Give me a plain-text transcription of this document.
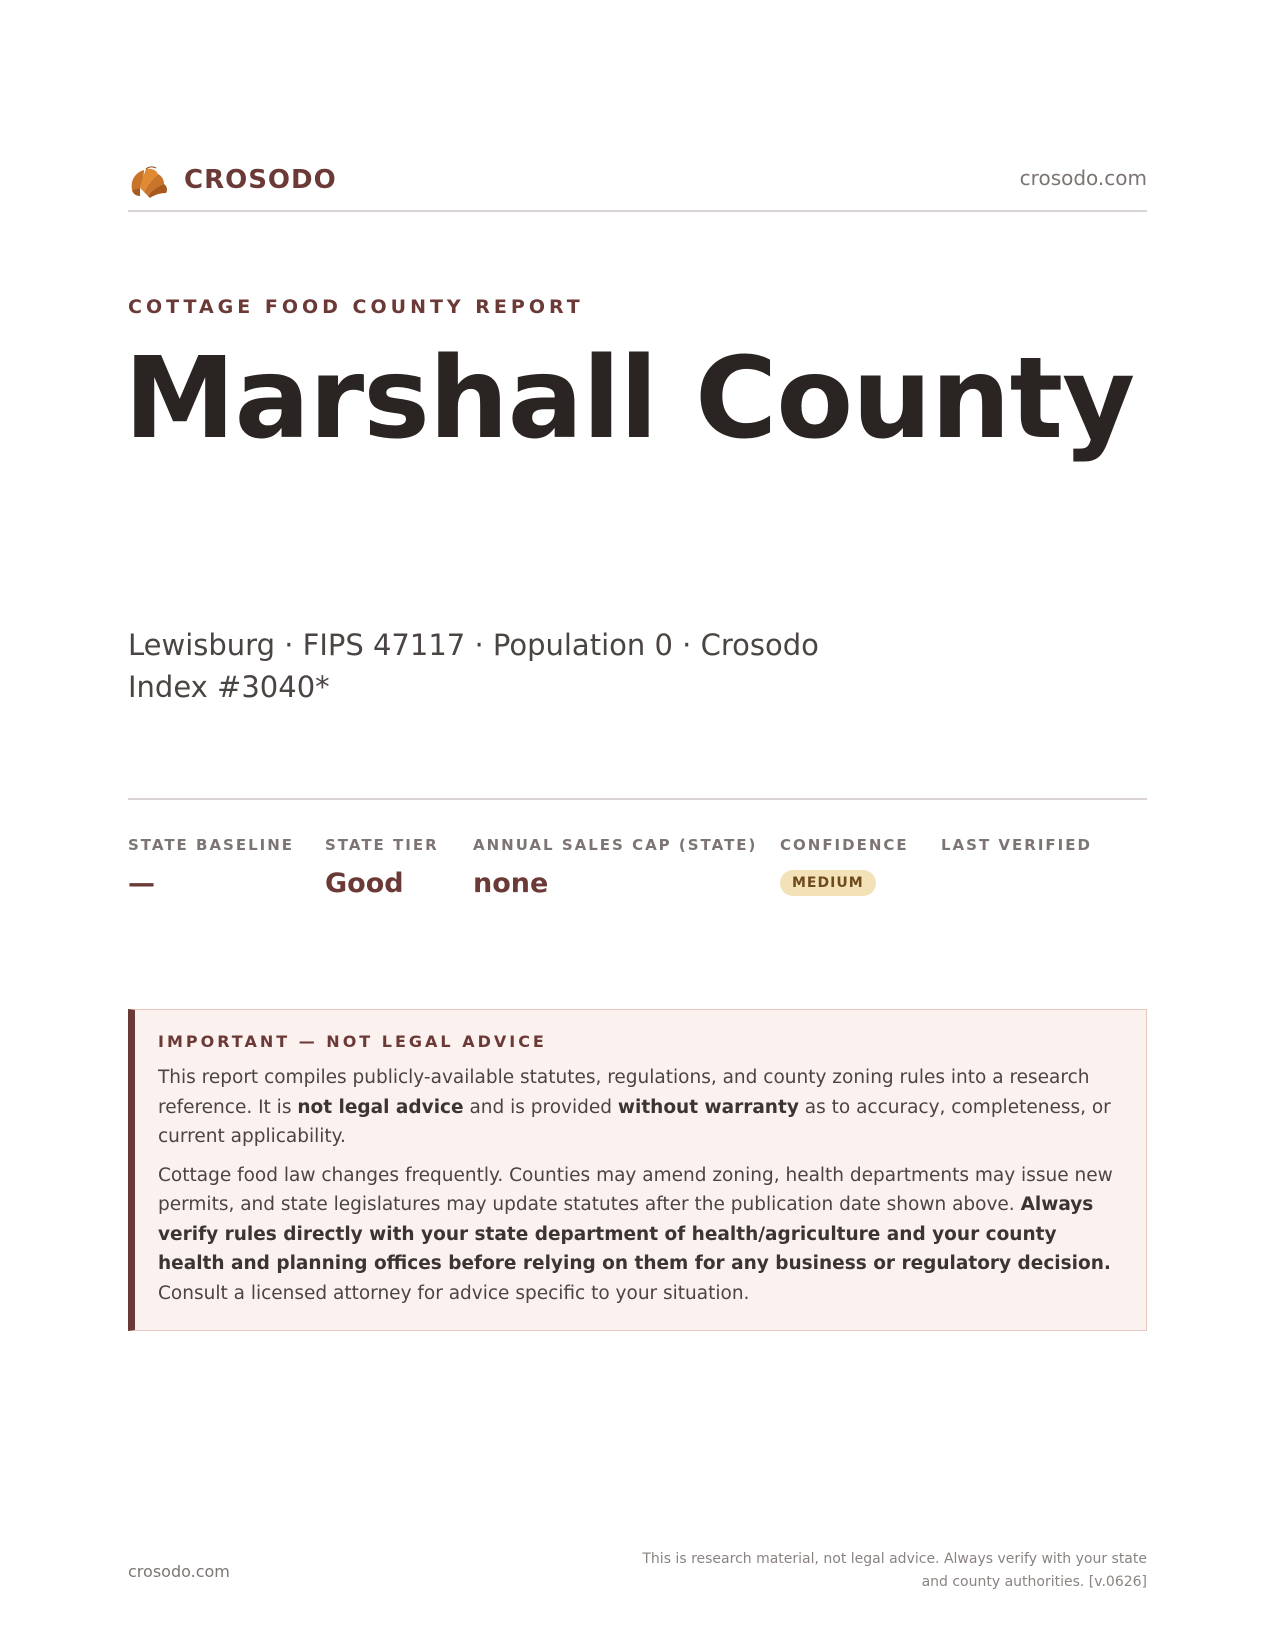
CROSODO	crosodo.com
COTTAGE FOOD COUNTY REPORT
Marshall County
Lewisburg · FIPS 47117 · Population 0 · Crosodo Index #3040*
STATE BASELINE
—
STATE TIER
Good
ANNUAL SALES CAP (STATE)
none
CONFIDENCE
MEDIUM
LAST VERIFIED
IMPORTANT — NOT LEGAL ADVICE

This report compiles publicly-available statutes, regulations, and county zoning rules into a research reference. It is not legal advice and is provided without warranty as to accuracy, completeness, or current applicability.

Cottage food law changes frequently. Counties may amend zoning, health departments may issue new permits, and state legislatures may update statutes after the publication date shown above. Always verify rules directly with your state department of health/agriculture and your county health and planning offices before relying on them for any business or regulatory decision. Consult a licensed attorney for advice specific to your situation.

crosodo.com
This is research material, not legal advice. Always verify with your state and county authorities. [v.0626]
